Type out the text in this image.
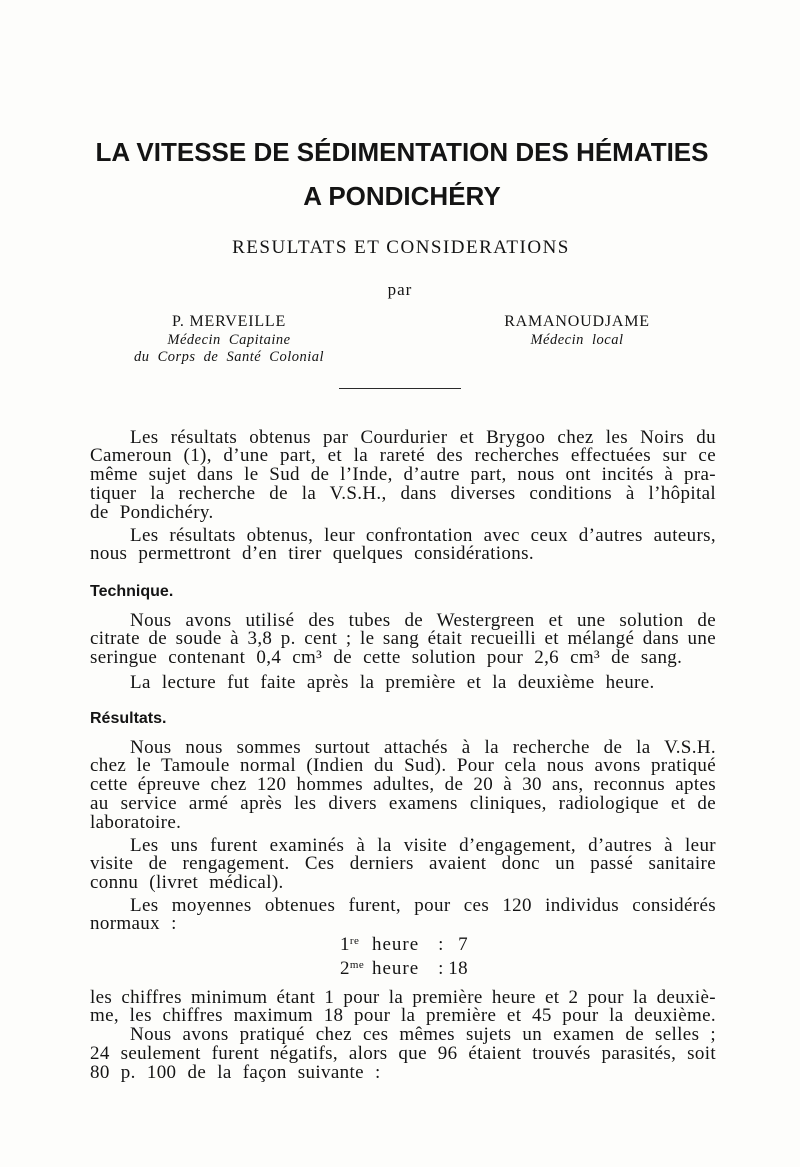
LA VITESSE DE SÉDIMENTATION DES HÉMATIES
A PONDICHÉRY
RESULTATS ET CONSIDERATIONS
par
P. MERVEILLE
Médecin Capitaine
du Corps de Santé Colonial
RAMANOUDJAME
Médecin local
Les résultats obtenus par Courdurier et Brygoo chez les Noirs du
Cameroun (1), d’une part, et la rareté des recherches effectuées sur ce
même sujet dans le Sud de l’Inde, d’autre part, nous ont incités à pra-
tiquer la recherche de la V.S.H., dans diverses conditions à l’hôpital
de Pondichéry.
Les résultats obtenus, leur confrontation avec ceux d’autres auteurs,
nous permettront d’en tirer quelques considérations.
Technique.
Nous avons utilisé des tubes de Westergreen et une solution de
citrate de soude à 3,8 p. cent ; le sang était recueilli et mélangé dans une
seringue contenant 0,4 cm³ de cette solution pour 2,6 cm³ de sang.
La lecture fut faite après la première et la deuxième heure.
Résultats.
Nous nous sommes surtout attachés à la recherche de la V.S.H.
chez le Tamoule normal (Indien du Sud). Pour cela nous avons pratiqué
cette épreuve chez 120 hommes adultes, de 20 à 30 ans, reconnus aptes
au service armé après les divers examens cliniques, radiologique et de
laboratoire.
Les uns furent examinés à la visite d’engagement, d’autres à leur
visite de rengagement. Ces derniers avaient donc un passé sanitaire
connu (livret médical).
Les moyennes obtenues furent, pour ces 120 individus considérés
normaux :
1re heure : 7
$2^{me}$ heure : 18
les chiffres minimum étant 1 pour la première heure et 2 pour la deuxiè-
me, les chiffres maximum 18 pour la première et 45 pour la deuxième.
Nous avons pratiqué chez ces mêmes sujets un examen de selles ;
24 seulement furent négatifs, alors que 96 étaient trouvés parasités, soit
80 p. 100 de la façon suivante :
